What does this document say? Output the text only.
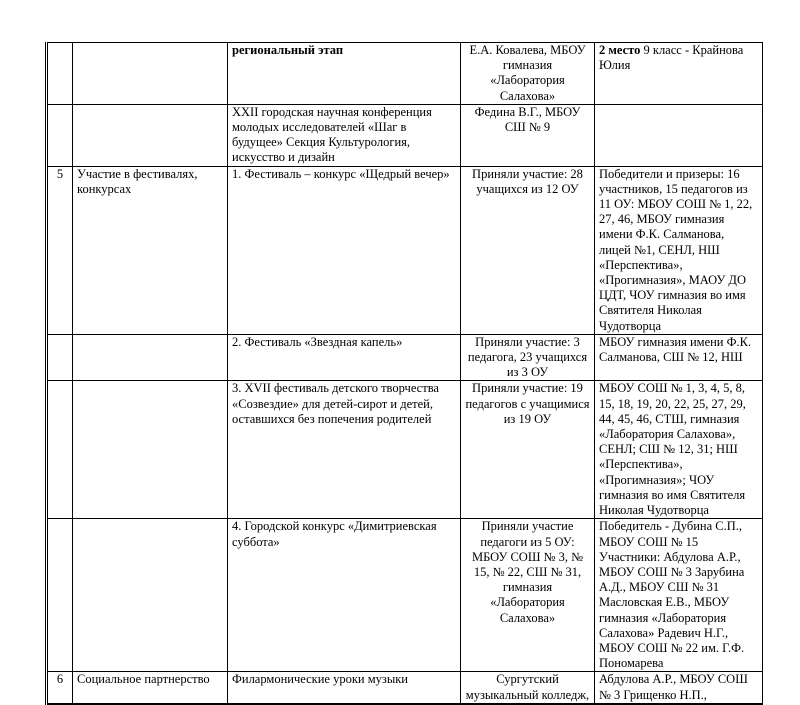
		региональный этап	Е.А. Ковалева, МБОУ гимназия «Лаборатория Салахова»	2 место 9 класс - Крайнова Юлия
		XXII городская научная конференция молодых исследователей «Шаг в будущее» Секция Культурология, искусство и дизайн	Федина В.Г., МБОУ СШ № 9	
5	Участие в фестивалях, конкурсах	1. Фестиваль – конкурс «Щедрый вечер»	Приняли участие: 28 учащихся из 12 ОУ	Победители и призеры: 16 участников, 15 педагогов из 11 ОУ: МБОУ СОШ № 1, 22, 27, 46, МБОУ гимназия имени Ф.К. Салманова, лицей №1, СЕНЛ, НШ «Перспектива», «Прогимназия», МАОУ ДО ЦДТ, ЧОУ гимназия во имя Святителя Николая Чудотворца
		2. Фестиваль «Звездная капель»	Приняли участие: 3 педагога, 23 учащихся из 3 ОУ	МБОУ гимназия имени Ф.К. Салманова, СШ № 12, НШ
		3. XVII фестиваль детского творчества «Созвездие» для детей-сирот и детей, оставшихся без попечения родителей	Приняли участие: 19 педагогов с учащимися из 19 ОУ	МБОУ СОШ № 1, 3, 4, 5, 8, 15, 18, 19, 20, 22, 25, 27, 29, 44, 45, 46, СТШ, гимназия «Лаборатория Салахова», СЕНЛ; СШ № 12, 31; НШ «Перспектива», «Прогимназия»; ЧОУ гимназия во имя Святителя Николая Чудотворца
		4. Городской конкурс «Димитриевская суббота»	Приняли участие педагоги из 5 ОУ: МБОУ СОШ № 3, № 15, № 22, СШ № 31, гимназия «Лаборатория Салахова»	Победитель - Дубина С.П., МБОУ СОШ № 15 Участники: Абдулова А.Р., МБОУ СОШ № 3 Зарубина А.Д., МБОУ СШ № 31 Масловская Е.В., МБОУ гимназия «Лаборатория Салахова» Радевич Н.Г., МБОУ СОШ № 22 им. Г.Ф. Пономарева
6	Социальное партнерство	Филармонические уроки музыки	Сургутский музыкальный колледж,	Абдулова А.Р., МБОУ СОШ № 3 Грищенко Н.П.,
